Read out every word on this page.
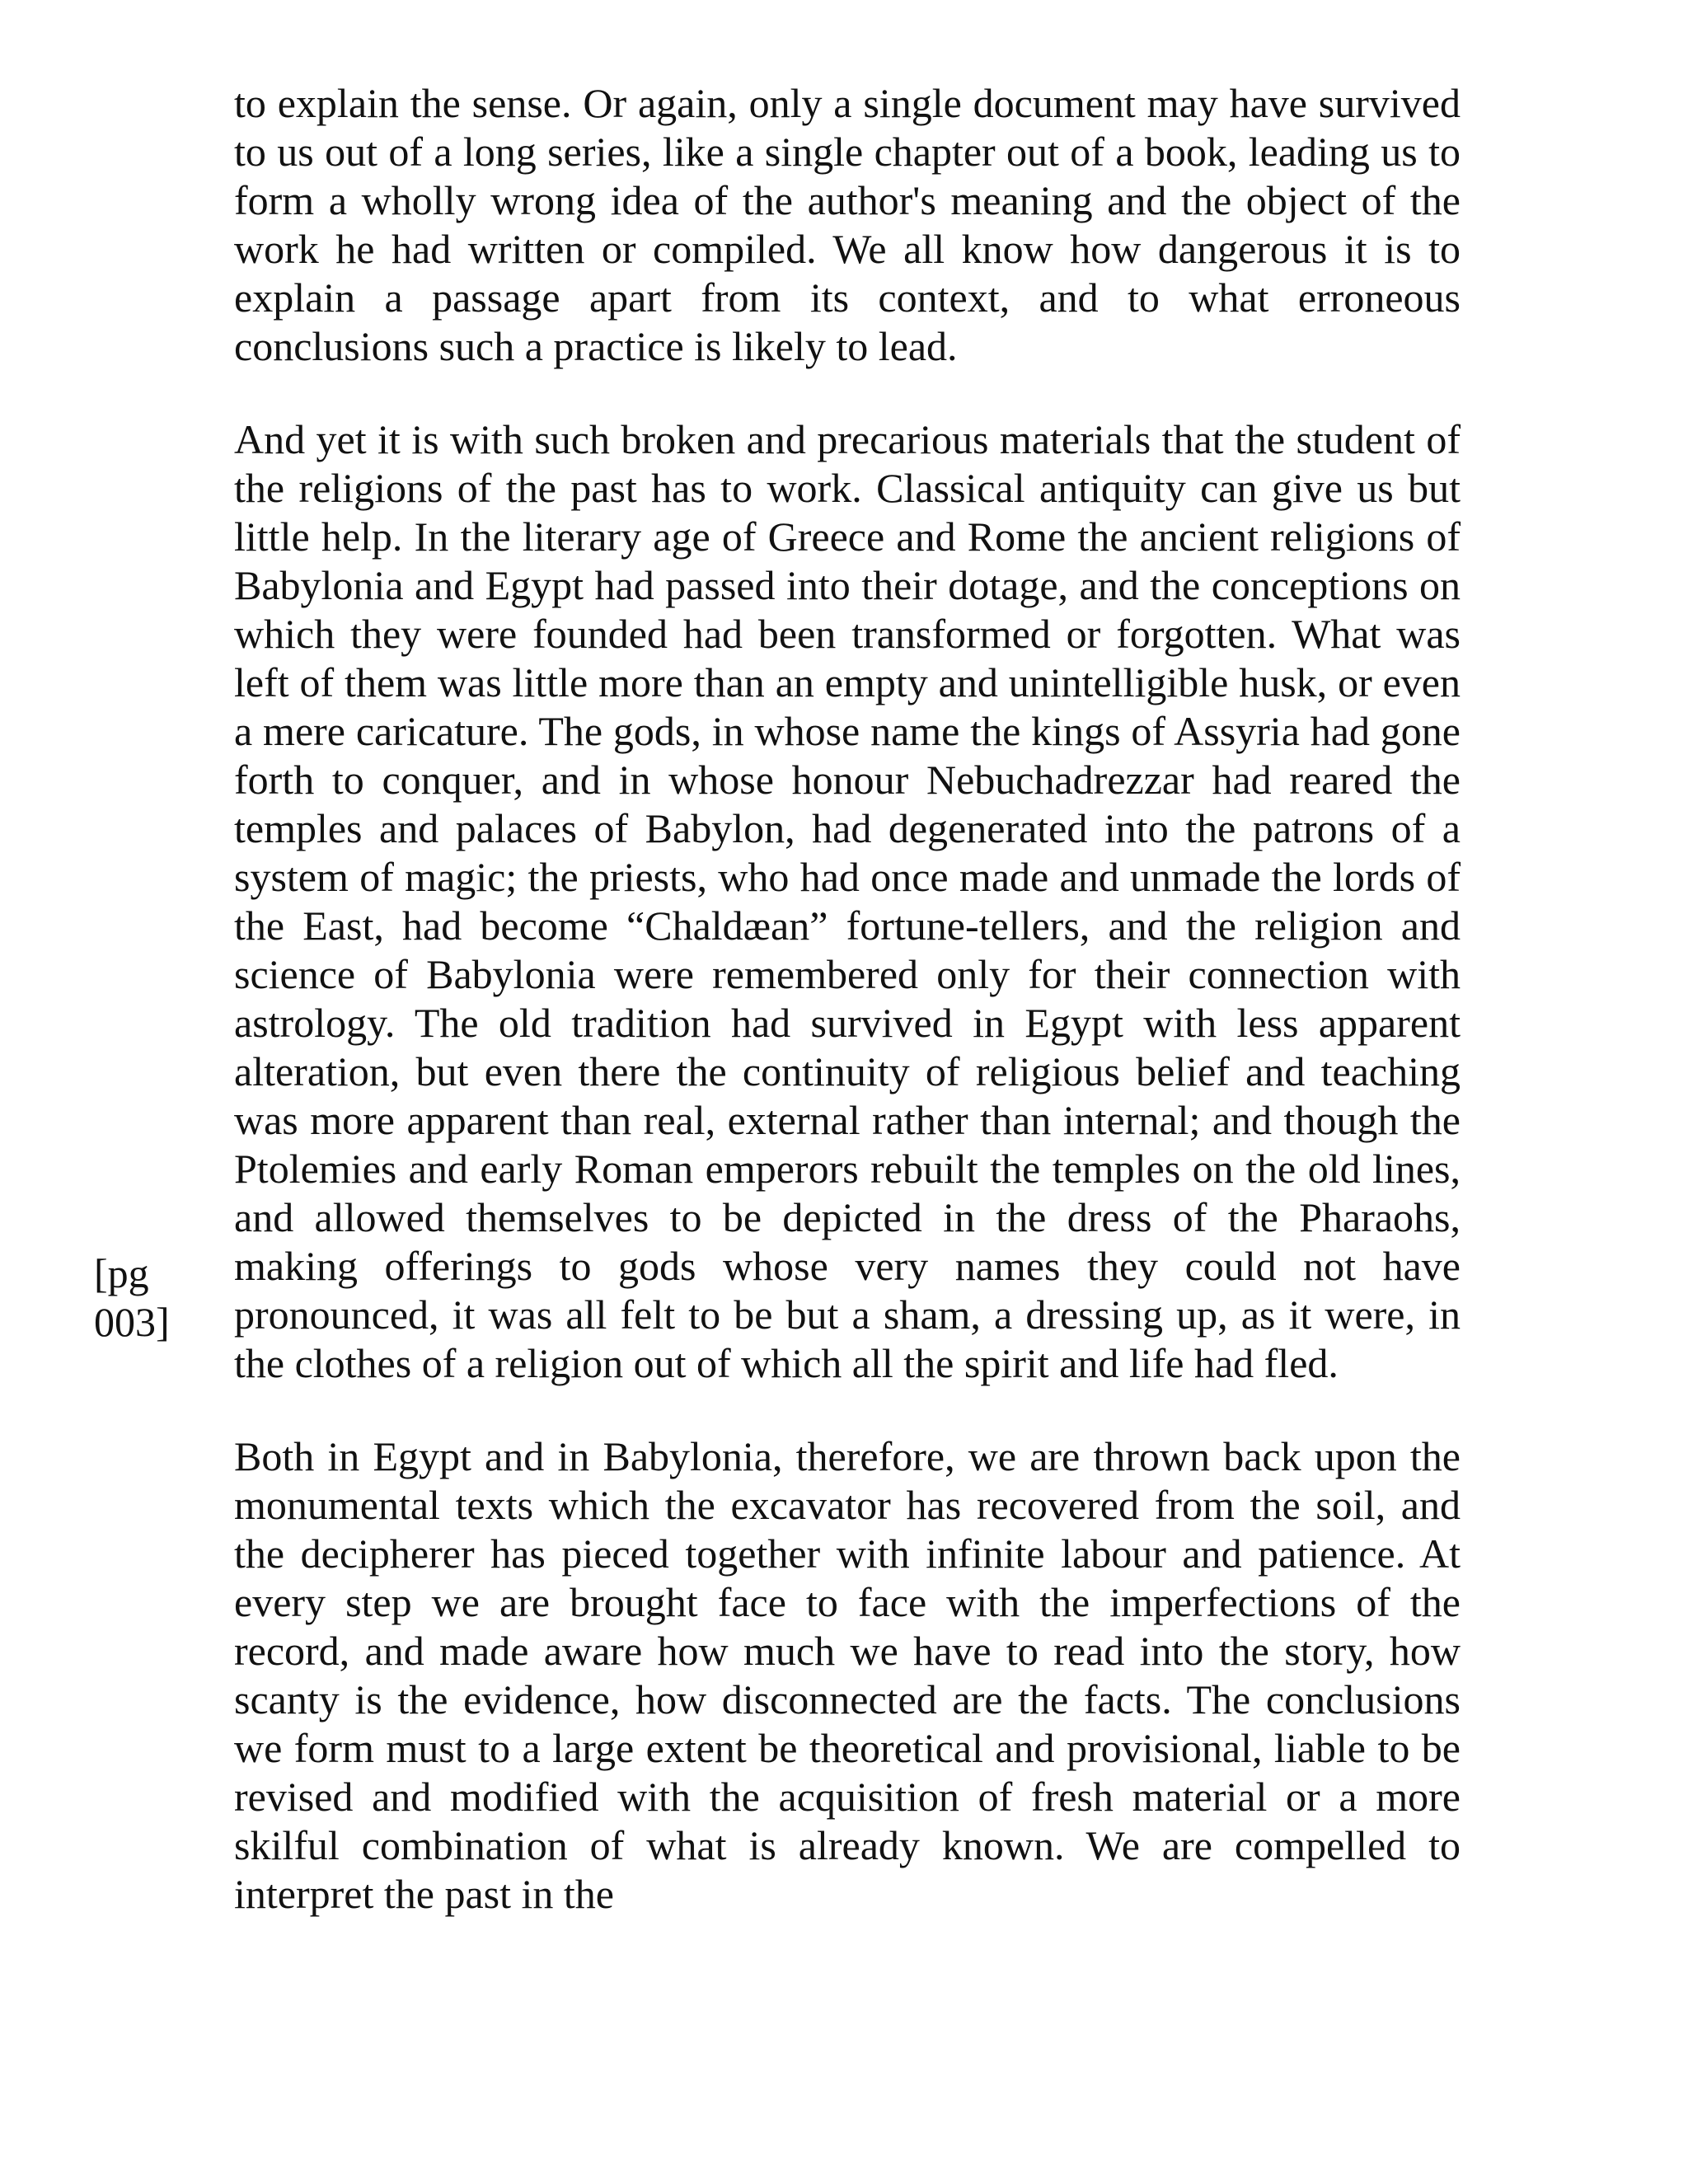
[pg
003]

to explain the sense. Or again, only a single document may have survived to us out of a long series, like a single chapter out of a book, leading us to form a wholly wrong idea of the author's meaning and the object of the work he had written or compiled. We all know how dangerous it is to explain a passage apart from its context, and to what erroneous conclusions such a practice is likely to lead.

And yet it is with such broken and precarious materials that the student of the religions of the past has to work. Classical antiquity can give us but little help. In the literary age of Greece and Rome the ancient religions of Babylonia and Egypt had passed into their dotage, and the conceptions on which they were founded had been transformed or forgotten. What was left of them was little more than an empty and unintelligible husk, or even a mere caricature. The gods, in whose name the kings of Assyria had gone forth to conquer, and in whose honour Nebuchadrezzar had reared the temples and palaces of Babylon, had degenerated into the patrons of a system of magic; the priests, who had once made and unmade the lords of the East, had become “Chaldæan” fortune-tellers, and the religion and science of Babylonia were remembered only for their connection with astrology. The old tradition had survived in Egypt with less apparent alteration, but even there the continuity of religious belief and teaching was more apparent than real, external rather than internal; and though the Ptolemies and early Roman emperors rebuilt the temples on the old lines, and allowed themselves to be depicted in the dress of the Pharaohs, making offerings to gods whose very names they could not have pronounced, it was all felt to be but a sham, a dressing up, as it were, in the clothes of a religion out of which all the spirit and life had fled.

Both in Egypt and in Babylonia, therefore, we are thrown back upon the monumental texts which the excavator has recovered from the soil, and the decipherer has pieced together with infinite labour and patience. At every step we are brought face to face with the imperfections of the record, and made aware how much we have to read into the story, how scanty is the evidence, how disconnected are the facts. The conclusions we form must to a large extent be theoretical and provisional, liable to be revised and modified with the acquisition of fresh material or a more skilful combination of what is already known. We are compelled to interpret the past in the
